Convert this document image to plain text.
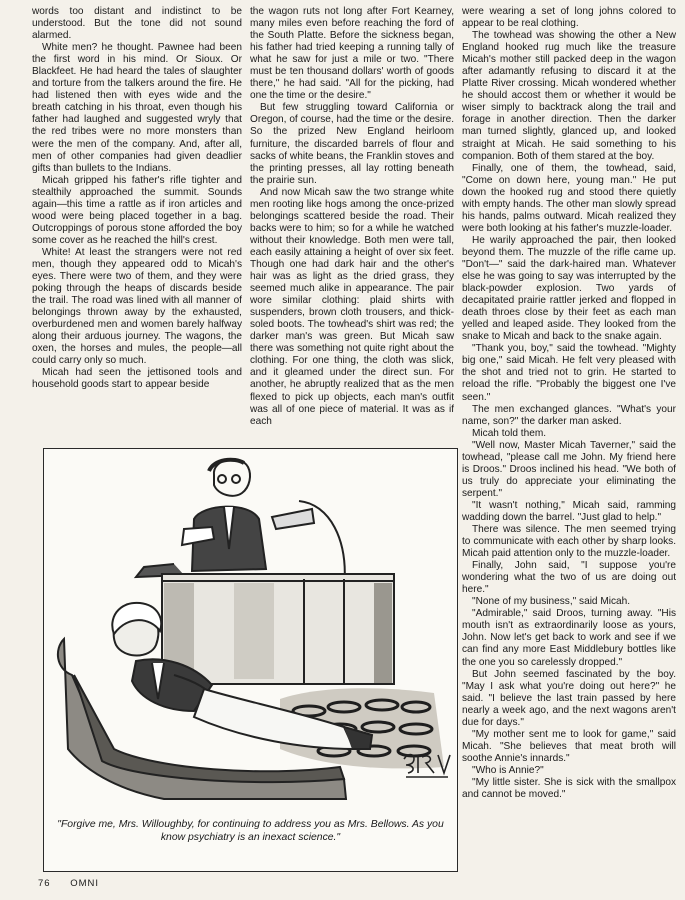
words too distant and indistinct to be understood. But the tone did not sound alarmed.

White men? he thought. Pawnee had been the first word in his mind. Or Sioux. Or Blackfeet. He had heard the tales of slaughter and torture from the talkers around the fire. He had listened then with eyes wide and the breath catching in his throat, even though his father had laughed and suggested wryly that the red tribes were no more monsters than were the men of the company. And, after all, men of other companies had given deadlier gifts than bullets to the Indians.

Micah gripped his father's rifle tighter and stealthily approached the summit. Sounds again—this time a rattle as if iron articles and wood were being placed together in a bag. Outcroppings of porous stone afforded the boy some cover as he reached the hill's crest.

White! At least the strangers were not red men, though they appeared odd to Micah's eyes. There were two of them, and they were poking through the heaps of discards beside the trail. The road was lined with all manner of belongings thrown away by the exhausted, overburdened men and women barely halfway along their arduous journey. The wagons, the oxen, the horses and mules, the people—all could carry only so much.

Micah had seen the jettisoned tools and household goods start to appear beside

the wagon ruts not long after Fort Kearney, many miles even before reaching the ford of the South Platte. Before the sickness began, his father had tried keeping a running tally of what he saw for just a mile or two. "There must be ten thousand dollars' worth of goods there," he had said. "All for the picking, had one the time or the desire."

But few struggling toward California or Oregon, of course, had the time or the desire. So the prized New England heirloom furniture, the discarded barrels of flour and sacks of white beans, the Franklin stoves and the printing presses, all lay rotting beneath the prairie sun.

And now Micah saw the two strange white men rooting like hogs among the once-prized belongings scattered beside the road. Their backs were to him; so for a while he watched without their knowledge. Both men were tall, each easily attaining a height of over six feet. Though one had dark hair and the other's hair was as light as the dried grass, they seemed much alike in appearance. The pair wore similar clothing: plaid shirts with suspenders, brown cloth trousers, and thick-soled boots. The towhead's shirt was red; the darker man's was green. But Micah saw there was something not quite right about the clothing. For one thing, the cloth was slick, and it gleamed under the direct sun. For another, he abruptly realized that as the men flexed to pick up objects, each man's outfit was all of one piece of material. It was as if each

were wearing a set of long johns colored to appear to be real clothing.

The towhead was showing the other a New England hooked rug much like the treasure Micah's mother still packed deep in the wagon after adamantly refusing to discard it at the Platte River crossing. Micah wondered whether he should accost them or whether it would be wiser simply to backtrack along the trail and forage in another direction. Then the darker man turned slightly, glanced up, and looked straight at Micah. He said something to his companion. Both of them stared at the boy.

Finally, one of them, the towhead, said, "Come on down here, young man." He put down the hooked rug and stood there quietly with empty hands. The other man slowly spread his hands, palms outward. Micah realized they were both looking at his father's muzzle-loader.

He warily approached the pair, then looked beyond them. The muzzle of the rifle came up. "Don't—" said the dark-haired man. Whatever else he was going to say was interrupted by the black-powder explosion. Two yards of decapitated prairie rattler jerked and flopped in death throes close by their feet as each man yelled and leaped aside. They looked from the snake to Micah and back to the snake again.

"Thank you, boy," said the towhead. "Mighty big one," said Micah. He felt very pleased with the shot and tried not to grin. He started to reload the rifle. "Probably the biggest one I've seen."

The men exchanged glances. "What's your name, son?" the darker man asked.

Micah told them.

"Well now, Master Micah Taverner," said the towhead, "please call me John. My friend here is Droos." Droos inclined his head. "We both of us truly do appreciate your eliminating the serpent."

"It wasn't nothing," Micah said, ramming wadding down the barrel. "Just glad to help."

There was silence. The men seemed trying to communicate with each other by sharp looks. Micah paid attention only to the muzzle-loader.

Finally, John said, "I suppose you're wondering what the two of us are doing out here."

"None of my business," said Micah.

"Admirable," said Droos, turning away. "His mouth isn't as extraordinarily loose as yours, John. Now let's get back to work and see if we can find any more East Middlebury bottles like the one you so carelessly dropped."

But John seemed fascinated by the boy. "May I ask what you're doing out here?" he said. "I believe the last train passed by here nearly a week ago, and the next wagons aren't due for days."

"My mother sent me to look for game," said Micah. "She believes that meat broth will soothe Annie's innards."

"Who is Annie?"

"My little sister. She is sick with the smallpox and cannot be moved."

"Forgive me, Mrs. Willoughby, for continuing to address you as Mrs. Bellows. As you know psychiatry is an inexact science."
76 OMNI
